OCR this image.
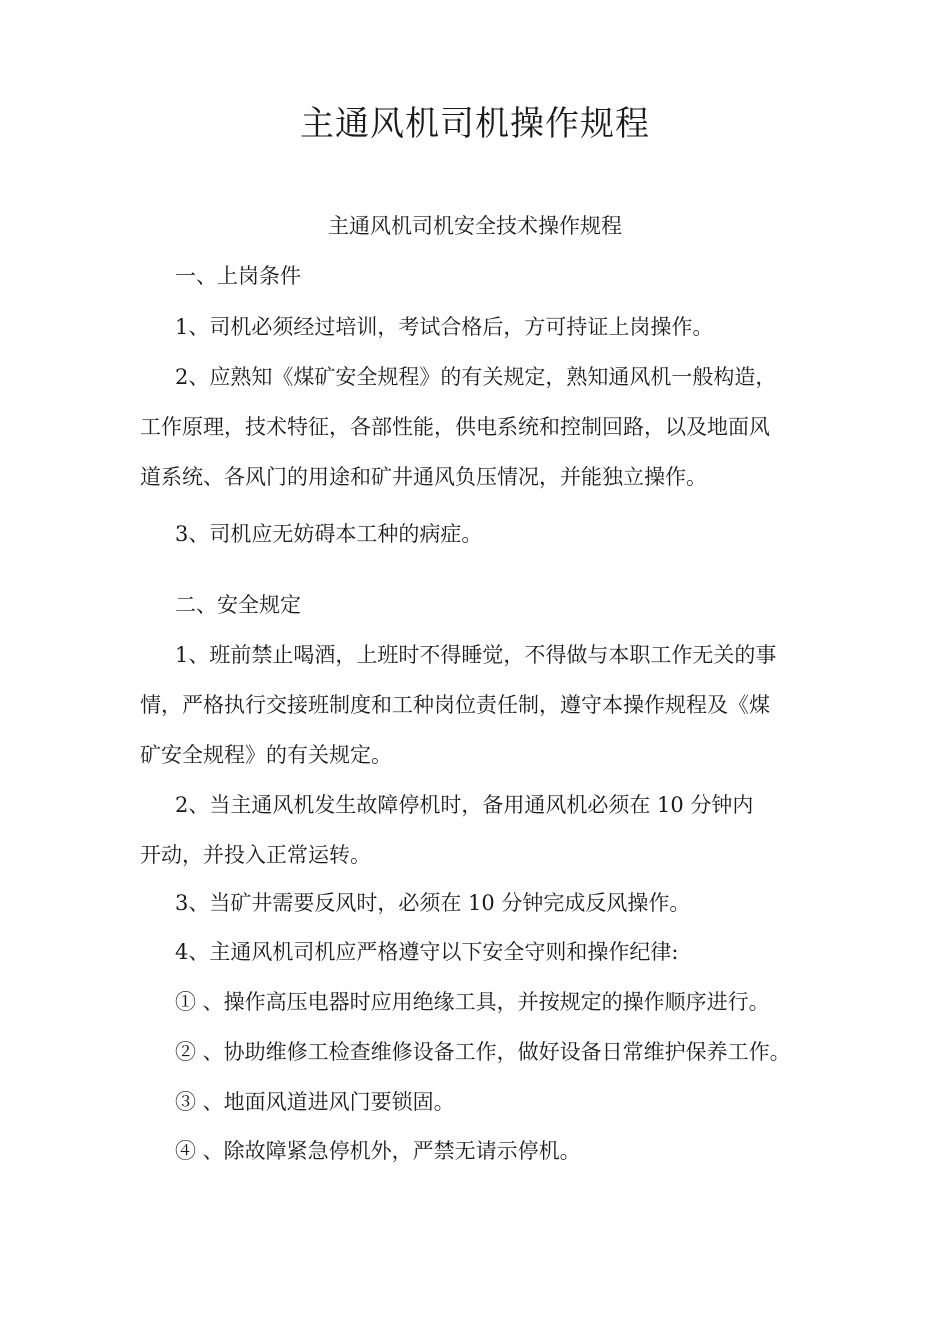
主通风机司机操作规程
主通风机司机安全技术操作规程
一、上岗条件
1、司机必须经过培训，考试合格后，方可持证上岗操作。
2、应熟知《煤矿安全规程》的有关规定，熟知通风机一般构造，
工作原理，技术特征，各部性能，供电系统和控制回路，以及地面风
道系统、各风门的用途和矿井通风负压情况，并能独立操作。
3、司机应无妨碍本工种的病症。
二、安全规定
1、班前禁止喝酒，上班时不得睡觉，不得做与本职工作无关的事
情，严格执行交接班制度和工种岗位责任制，遵守本操作规程及《煤
矿安全规程》的有关规定。
2、当主通风机发生故障停机时，备用通风机必须在 10 分钟内
开动，并投入正常运转。
3、当矿井需要反风时，必须在 10 分钟完成反风操作。
4、主通风机司机应严格遵守以下安全守则和操作纪律:
① 、操作高压电器时应用绝缘工具，并按规定的操作顺序进行。
② 、协助维修工检查维修设备工作，做好设备日常维护保养工作。
③ 、地面风道进风门要锁固。
④ 、除故障紧急停机外，严禁无请示停机。
